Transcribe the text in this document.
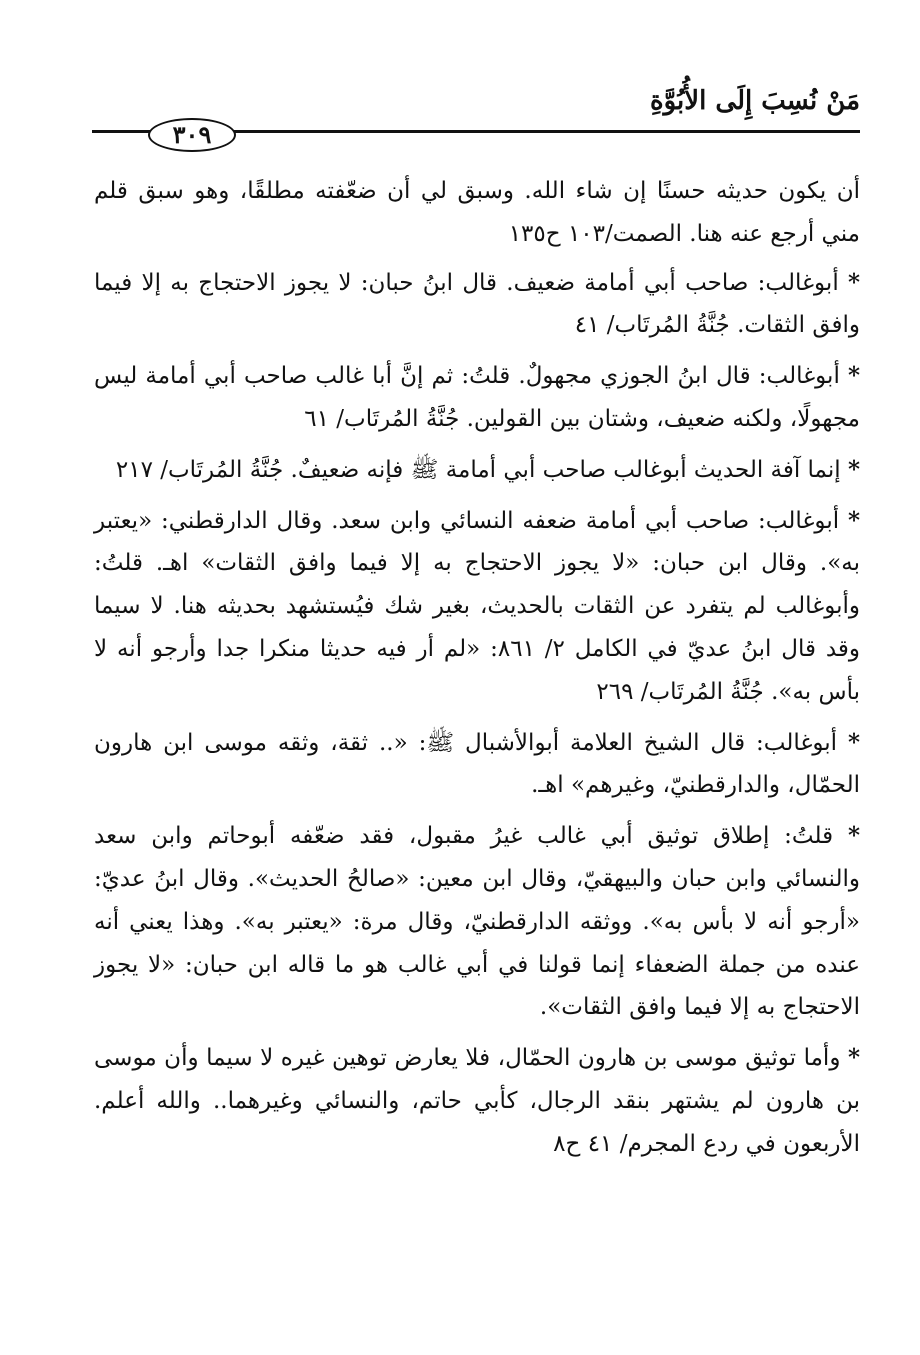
مَنْ نُسِبَ إِلَى الأُبُوَّةِ
٣٠٩

أن يكون حديثه حسنًا إن شاء الله. وسبق لي أن ضعّفته مطلقًا، وهو سبق قلم مني أرجع عنه هنا. الصمت/١٠٣ ح١٣٥

* أبوغالب: صاحب أبي أمامة ضعيف. قال ابنُ حبان: لا يجوز الاحتجاج به إلا فيما وافق الثقات. جُنَّةُ المُرتَاب/ ٤١

* أبوغالب: قال ابنُ الجوزي مجهولٌ. قلتُ: ثم إنَّ أبا غالب صاحب أبي أمامة ليس مجهولًا، ولكنه ضعيف، وشتان بين القولين. جُنَّةُ المُرتَاب/ ٦١

* إنما آفة الحديث أبوغالب صاحب أبي أمامة ﷺ فإنه ضعيفٌ. جُنَّةُ المُرتَاب/ ٢١٧

* أبوغالب: صاحب أبي أمامة ضعفه النسائي وابن سعد. وقال الدارقطني: «يعتبر به». وقال ابن حبان: «لا يجوز الاحتجاج به إلا فيما وافق الثقات» اهـ. قلتُ: وأبوغالب لم يتفرد عن الثقات بالحديث، بغير شك فيُستشهد بحديثه هنا. لا سيما وقد قال ابنُ عديّ في الكامل ٢/ ٨٦١: «لم أر فيه حديثا منكرا جدا وأرجو أنه لا بأس به». جُنَّةُ المُرتَاب/ ٢٦٩

* أبوغالب: قال الشيخ العلامة أبوالأشبال ﷺ: «.. ثقة، وثقه موسى ابن هارون الحمّال، والدارقطنيّ، وغيرهم» اهـ.

* قلتُ: إطلاق توثيق أبي غالب غيرُ مقبول، فقد ضعّفه أبوحاتم وابن سعد والنسائي وابن حبان والبيهقيّ، وقال ابن معين: «صالحُ الحديث». وقال ابنُ عديّ: «أرجو أنه لا بأس به». ووثقه الدارقطنيّ، وقال مرة: «يعتبر به». وهذا يعني أنه عنده من جملة الضعفاء إنما قولنا في أبي غالب هو ما قاله ابن حبان: «لا يجوز الاحتجاج به إلا فيما وافق الثقات».

* وأما توثيق موسى بن هارون الحمّال، فلا يعارض توهين غيره لا سيما وأن موسى بن هارون لم يشتهر بنقد الرجال، كأبي حاتم، والنسائي وغيرهما.. والله أعلم. الأربعون في ردع المجرم/ ٤١ ح٨
